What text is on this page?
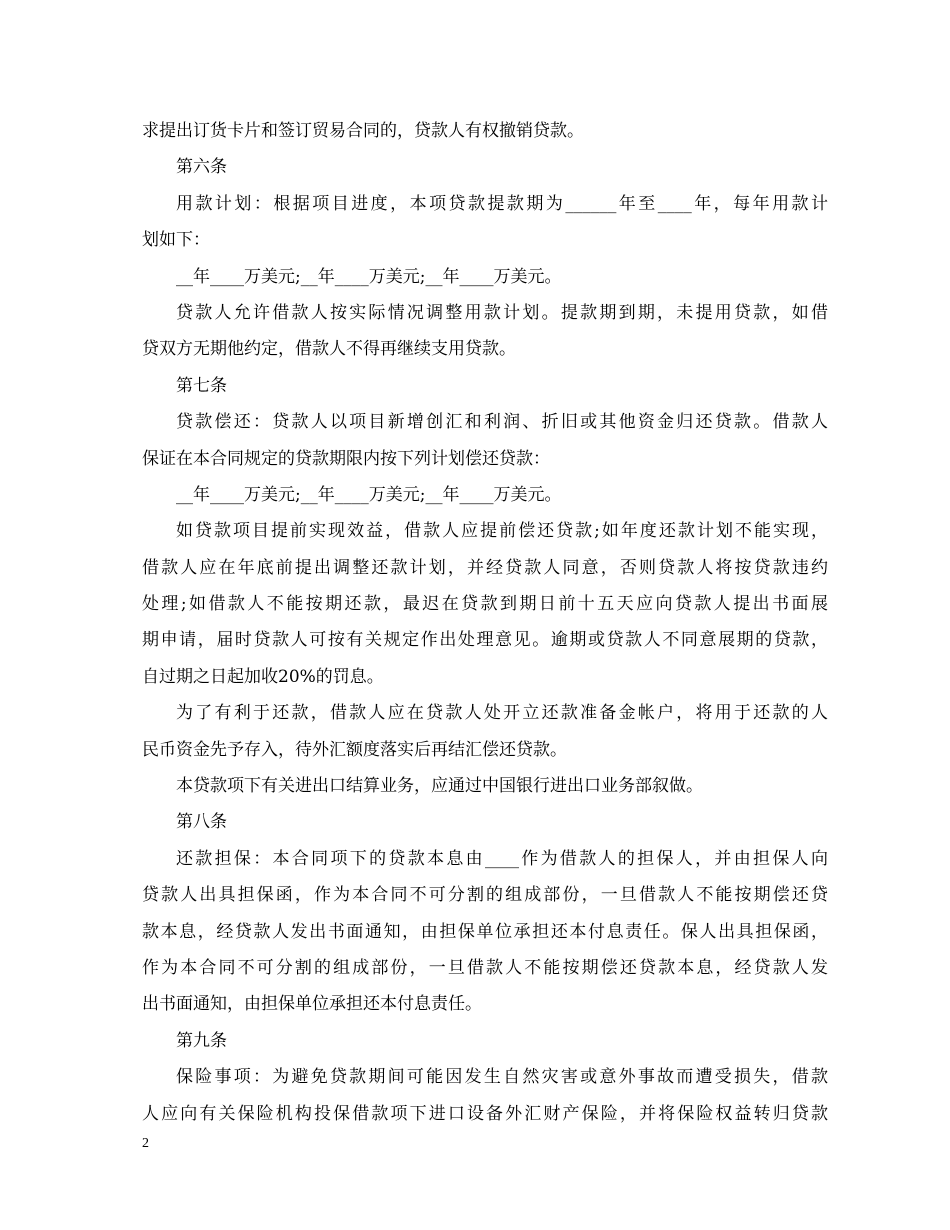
求提出订货卡片和签订贸易合同的，贷款人有权撤销贷款。
第六条
用款计划：根据项目进度，本项贷款提款期为______年至____年，每年用款计
划如下：
__年____万美元;__年____万美元;__年____万美元。
贷款人允许借款人按实际情况调整用款计划。提款期到期，未提用贷款，如借
贷双方无期他约定，借款人不得再继续支用贷款。
第七条
贷款偿还：贷款人以项目新增创汇和利润、折旧或其他资金归还贷款。借款人
保证在本合同规定的贷款期限内按下列计划偿还贷款：
__年____万美元;__年____万美元;__年____万美元。
如贷款项目提前实现效益，借款人应提前偿还贷款;如年度还款计划不能实现，
借款人应在年底前提出调整还款计划，并经贷款人同意，否则贷款人将按贷款违约
处理;如借款人不能按期还款，最迟在贷款到期日前十五天应向贷款人提出书面展
期申请，届时贷款人可按有关规定作出处理意见。逾期或贷款人不同意展期的贷款，
自过期之日起加收20%的罚息。
为了有利于还款，借款人应在贷款人处开立还款准备金帐户，将用于还款的人
民币资金先予存入，待外汇额度落实后再结汇偿还贷款。
本贷款项下有关进出口结算业务，应通过中国银行进出口业务部叙做。
第八条
还款担保：本合同项下的贷款本息由____作为借款人的担保人，并由担保人向
贷款人出具担保函，作为本合同不可分割的组成部份，一旦借款人不能按期偿还贷
款本息，经贷款人发出书面通知，由担保单位承担还本付息责任。保人出具担保函，
作为本合同不可分割的组成部份，一旦借款人不能按期偿还贷款本息，经贷款人发
出书面通知，由担保单位承担还本付息责任。
第九条
保险事项：为避免贷款期间可能因发生自然灾害或意外事故而遭受损失，借款
人应向有关保险机构投保借款项下进口设备外汇财产保险，并将保险权益转归贷款
2
